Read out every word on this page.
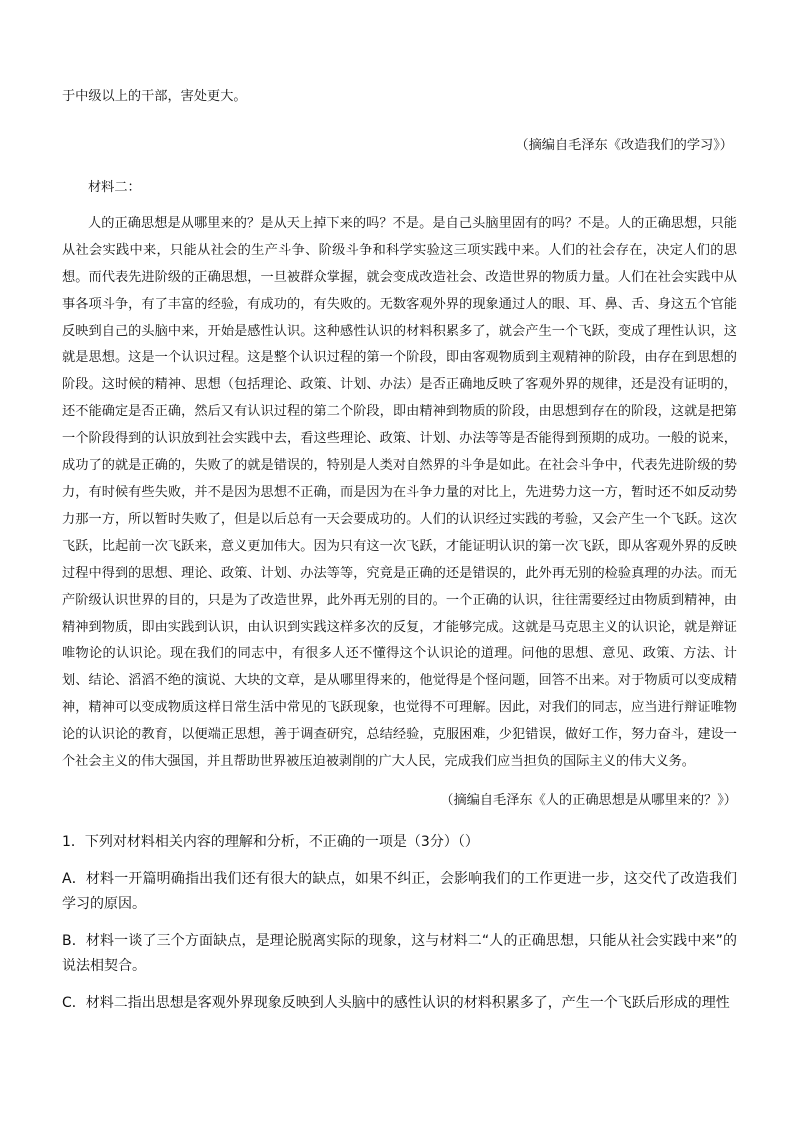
于中级以上的干部，害处更大。

（摘编自毛泽东《改造我们的学习》）

材料二：

人的正确思想是从哪里来的？是从天上掉下来的吗？不是。是自己头脑里固有的吗？不是。人的正确思想，只能从社会实践中来，只能从社会的生产斗争、阶级斗争和科学实验这三项实践中来。人们的社会存在，决定人们的思想。而代表先进阶级的正确思想，一旦被群众掌握，就会变成改造社会、改造世界的物质力量。人们在社会实践中从事各项斗争，有了丰富的经验，有成功的，有失败的。无数客观外界的现象通过人的眼、耳、鼻、舌、身这五个官能反映到自己的头脑中来，开始是感性认识。这种感性认识的材料积累多了，就会产生一个飞跃，变成了理性认识，这就是思想。这是一个认识过程。这是整个认识过程的第一个阶段，即由客观物质到主观精神的阶段，由存在到思想的阶段。这时候的精神、思想（包括理论、政策、计划、办法）是否正确地反映了客观外界的规律，还是没有证明的，还不能确定是否正确，然后又有认识过程的第二个阶段，即由精神到物质的阶段，由思想到存在的阶段，这就是把第一个阶段得到的认识放到社会实践中去，看这些理论、政策、计划、办法等等是否能得到预期的成功。一般的说来，成功了的就是正确的，失败了的就是错误的，特别是人类对自然界的斗争是如此。在社会斗争中，代表先进阶级的势力，有时候有些失败，并不是因为思想不正确，而是因为在斗争力量的对比上，先进势力这一方，暂时还不如反动势力那一方，所以暂时失败了，但是以后总有一天会要成功的。人们的认识经过实践的考验，又会产生一个飞跃。这次飞跃，比起前一次飞跃来，意义更加伟大。因为只有这一次飞跃，才能证明认识的第一次飞跃，即从客观外界的反映过程中得到的思想、理论、政策、计划、办法等等，究竟是正确的还是错误的，此外再无别的检验真理的办法。而无产阶级认识世界的目的，只是为了改造世界，此外再无别的目的。一个正确的认识，往往需要经过由物质到精神，由精神到物质，即由实践到认识，由认识到实践这样多次的反复，才能够完成。这就是马克思主义的认识论，就是辩证唯物论的认识论。现在我们的同志中，有很多人还不懂得这个认识论的道理。问他的思想、意见、政策、方法、计划、结论、滔滔不绝的演说、大块的文章，是从哪里得来的，他觉得是个怪问题，回答不出来。对于物质可以变成精神，精神可以变成物质这样日常生活中常见的飞跃现象，也觉得不可理解。因此，对我们的同志，应当进行辩证唯物论的认识论的教育，以便端正思想，善于调查研究，总结经验，克服困难，少犯错误，做好工作，努力奋斗，建设一个社会主义的伟大强国，并且帮助世界被压迫被剥削的广大人民，完成我们应当担负的国际主义的伟大义务。

（摘编自毛泽东《人的正确思想是从哪里来的？》）

1．下列对材料相关内容的理解和分析，不正确的一项是（3分）（）

A．材料一开篇明确指出我们还有很大的缺点，如果不纠正，会影响我们的工作更进一步，这交代了改造我们学习的原因。

B．材料一谈了三个方面缺点，是理论脱离实际的现象，这与材料二“人的正确思想，只能从社会实践中来”的说法相契合。

C．材料二指出思想是客观外界现象反映到人头脑中的感性认识的材料积累多了，产生一个飞跃后形成的理性
